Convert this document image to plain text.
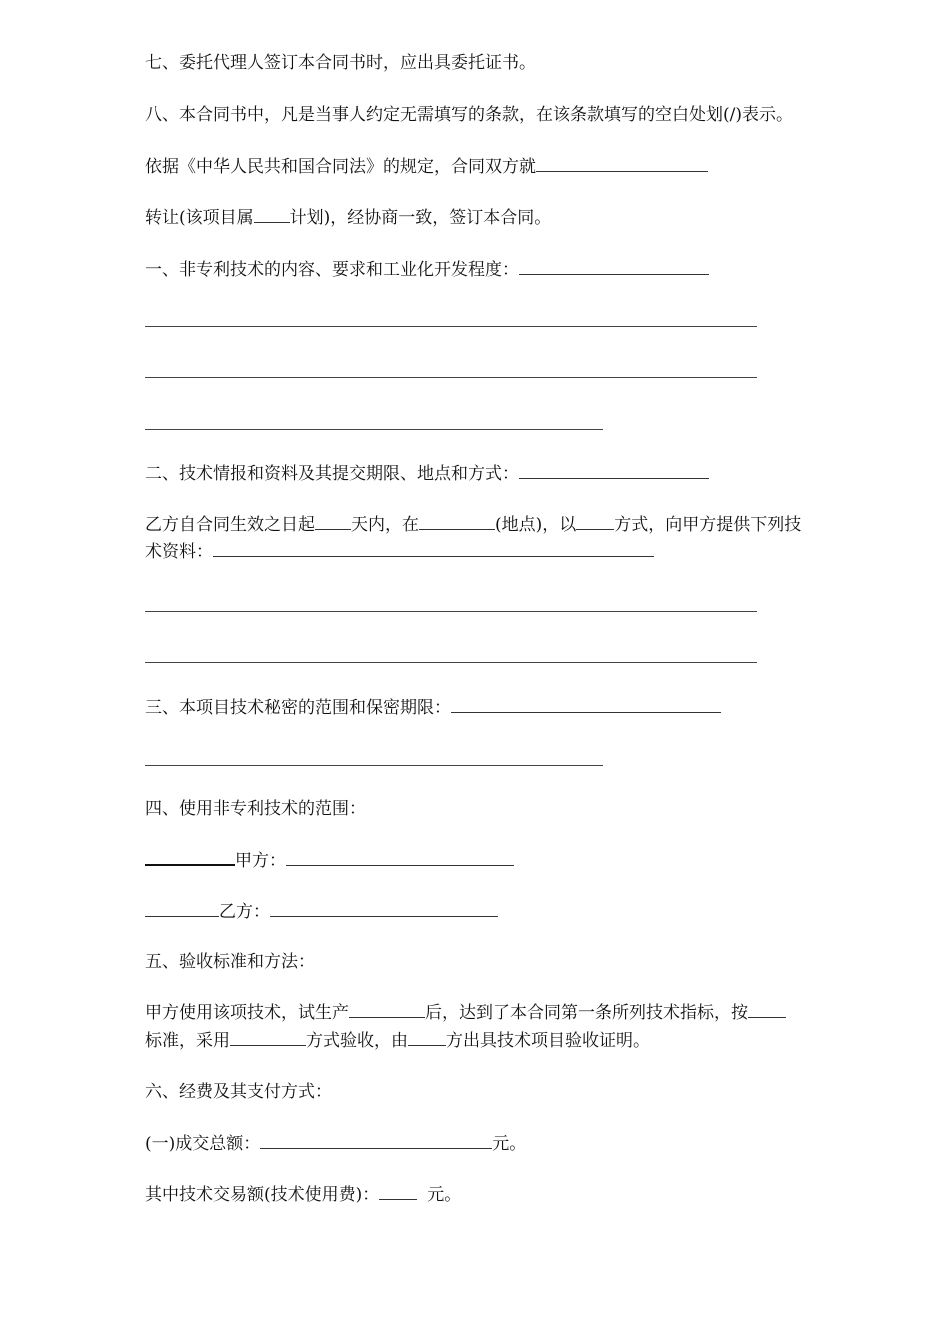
七、委托代理人签订本合同书时，应出具委托证书。
八、本合同书中，凡是当事人约定无需填写的条款，在该条款填写的空白处划(/)表示。
依据《中华人民共和国合同法》的规定，合同双方就
转让(该项目属 计划)，经协商一致，签订本合同。
一、非专利技术的内容、要求和工业化开发程度：
二、技术情报和资料及其提交期限、地点和方式：
乙方自合同生效之日起 天内，在	(地点)，以 方式，向甲方提供下列技
术资料：
三、本项目技术秘密的范围和保密期限：
四、使用非专利技术的范围：
甲方：
乙方：
五、验收标准和方法：
甲方使用该项技术，试生产	后，达到了本合同第一条所列技术指标，按
标准，采用	方式验收，由 方出具技术项目验收证明。
六、经费及其支付方式：
(一)成交总额：	元。
其中技术交易额(技术使用费)：	元。
